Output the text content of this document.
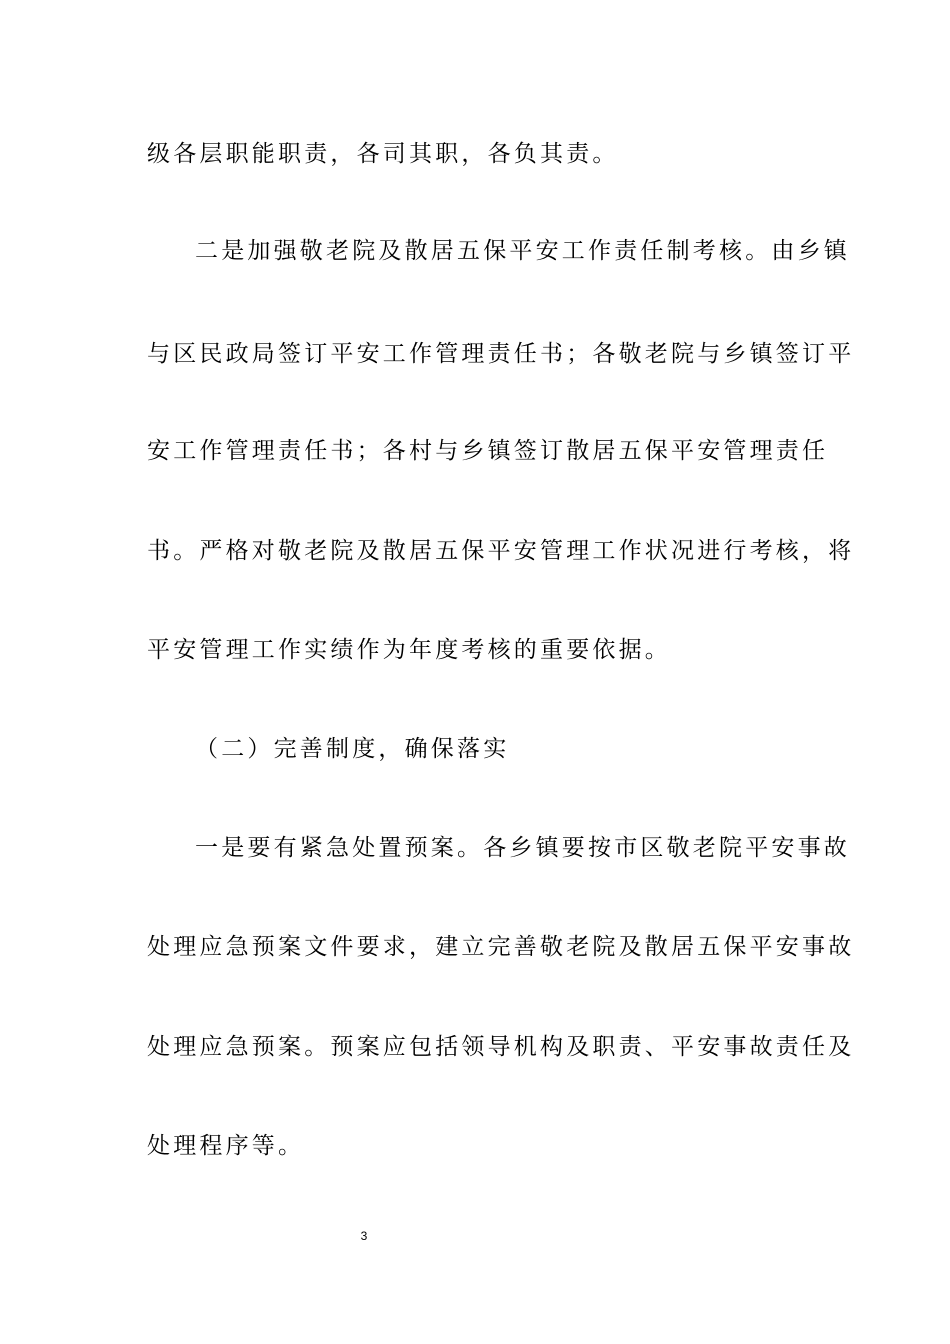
级各层职能职责，各司其职，各负其责。

二是加强敬老院及散居五保平安工作责任制考核。由乡镇

与区民政局签订平安工作管理责任书；各敬老院与乡镇签订平

安工作管理责任书；各村与乡镇签订散居五保平安管理责任

书。严格对敬老院及散居五保平安管理工作状况进行考核，将

平安管理工作实绩作为年度考核的重要依据。

（二）完善制度，确保落实

一是要有紧急处置预案。各乡镇要按市区敬老院平安事故

处理应急预案文件要求，建立完善敬老院及散居五保平安事故

处理应急预案。预案应包括领导机构及职责、平安事故责任及

处理程序等。

3
